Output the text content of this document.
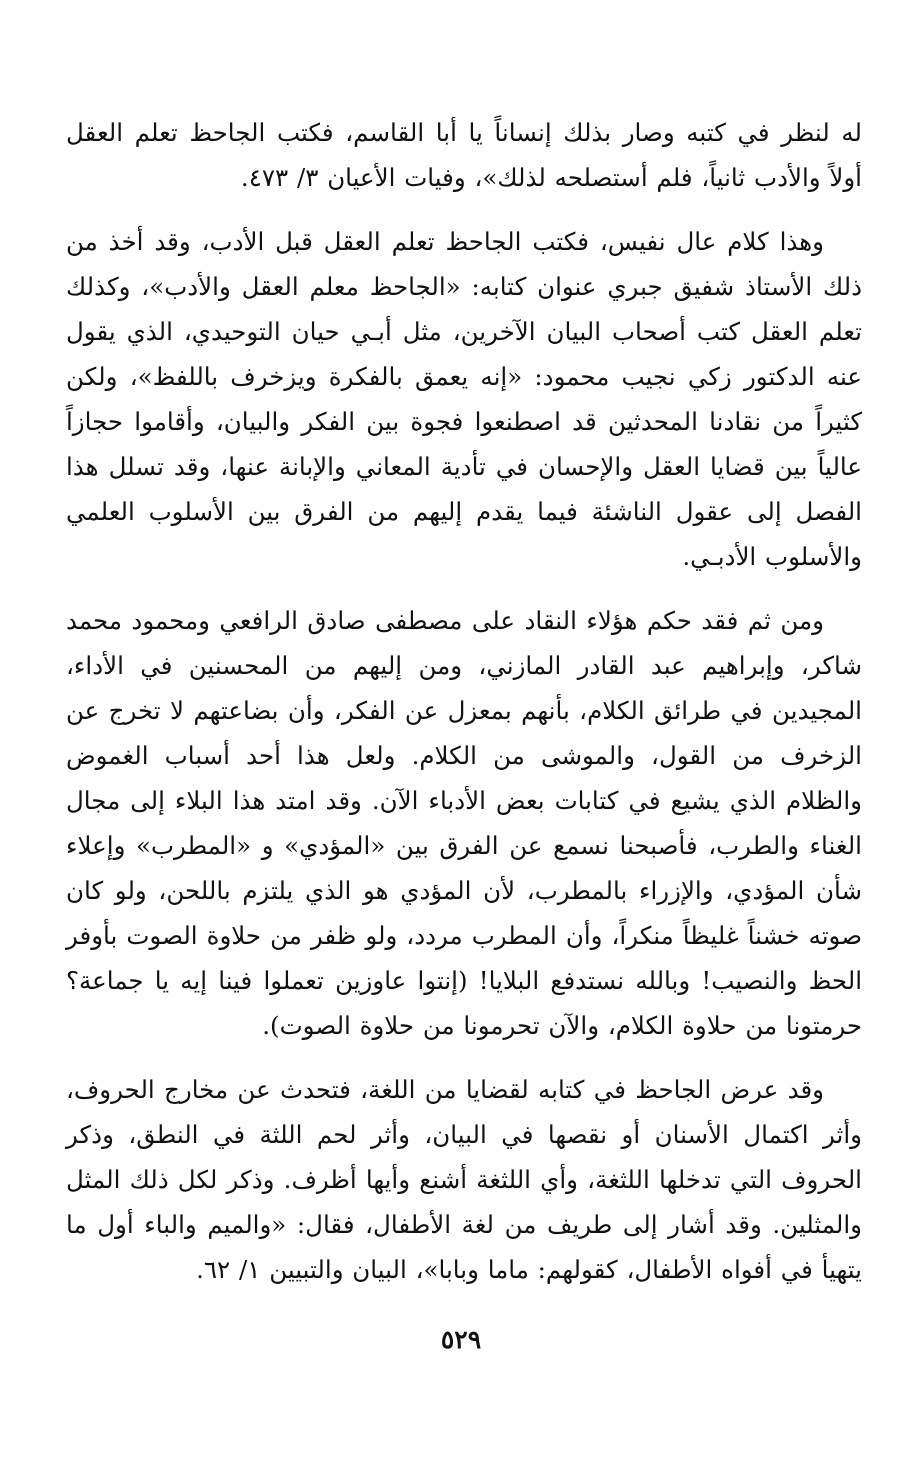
له لنظر في كتبه وصار بذلك إنساناً يا أبا القاسم، فكتب الجاحظ تعلم العقل أولاً والأدب ثانياً، فلم أستصلحه لذلك»، وفيات الأعيان ٣/ ٤٧٣.

وهذا كلام عال نفيس، فكتب الجاحظ تعلم العقل قبل الأدب، وقد أخذ من ذلك الأستاذ شفيق جبري عنوان كتابه: «الجاحظ معلم العقل والأدب»، وكذلك تعلم العقل كتب أصحاب البيان الآخرين، مثل أبـي حيان التوحيدي، الذي يقول عنه الدكتور زكي نجيب محمود: «إنه يعمق بالفكرة ويزخرف باللفظ»، ولكن كثيراً من نقادنا المحدثين قد اصطنعوا فجوة بين الفكر والبيان، وأقاموا حجازاً عالياً بين قضايا العقل والإحسان في تأدية المعاني والإبانة عنها، وقد تسلل هذا الفصل إلى عقول الناشئة فيما يقدم إليهم من الفرق بين الأسلوب العلمي والأسلوب الأدبـي.

ومن ثم فقد حكم هؤلاء النقاد على مصطفى صادق الرافعي ومحمود محمد شاكر، وإبراهيم عبد القادر المازني، ومن إليهم من المحسنين في الأداء، المجيدين في طرائق الكلام، بأنهم بمعزل عن الفكر، وأن بضاعتهم لا تخرج عن الزخرف من القول، والموشى من الكلام. ولعل هذا أحد أسباب الغموض والظلام الذي يشيع في كتابات بعض الأدباء الآن. وقد امتد هذا البلاء إلى مجال الغناء والطرب، فأصبحنا نسمع عن الفرق بين «المؤدي» و «المطرب» وإعلاء شأن المؤدي، والإزراء بالمطرب، لأن المؤدي هو الذي يلتزم باللحن، ولو كان صوته خشناً غليظاً منكراً، وأن المطرب مردد، ولو ظفر من حلاوة الصوت بأوفر الحظ والنصيب! وبالله نستدفع البلايا! (إنتوا عاوزين تعملوا فينا إيه يا جماعة؟ حرمتونا من حلاوة الكلام، والآن تحرمونا من حلاوة الصوت).

وقد عرض الجاحظ في كتابه لقضايا من اللغة، فتحدث عن مخارج الحروف، وأثر اكتمال الأسنان أو نقصها في البيان، وأثر لحم اللثة في النطق، وذكر الحروف التي تدخلها اللثغة، وأي اللثغة أشنع وأيها أظرف. وذكر لكل ذلك المثل والمثلين. وقد أشار إلى طريف من لغة الأطفال، فقال: «والميم والباء أول ما يتهيأ في أفواه الأطفال، كقولهم: ماما وبابا»، البيان والتبيين ١/ ٦٢.

٥٢٩
